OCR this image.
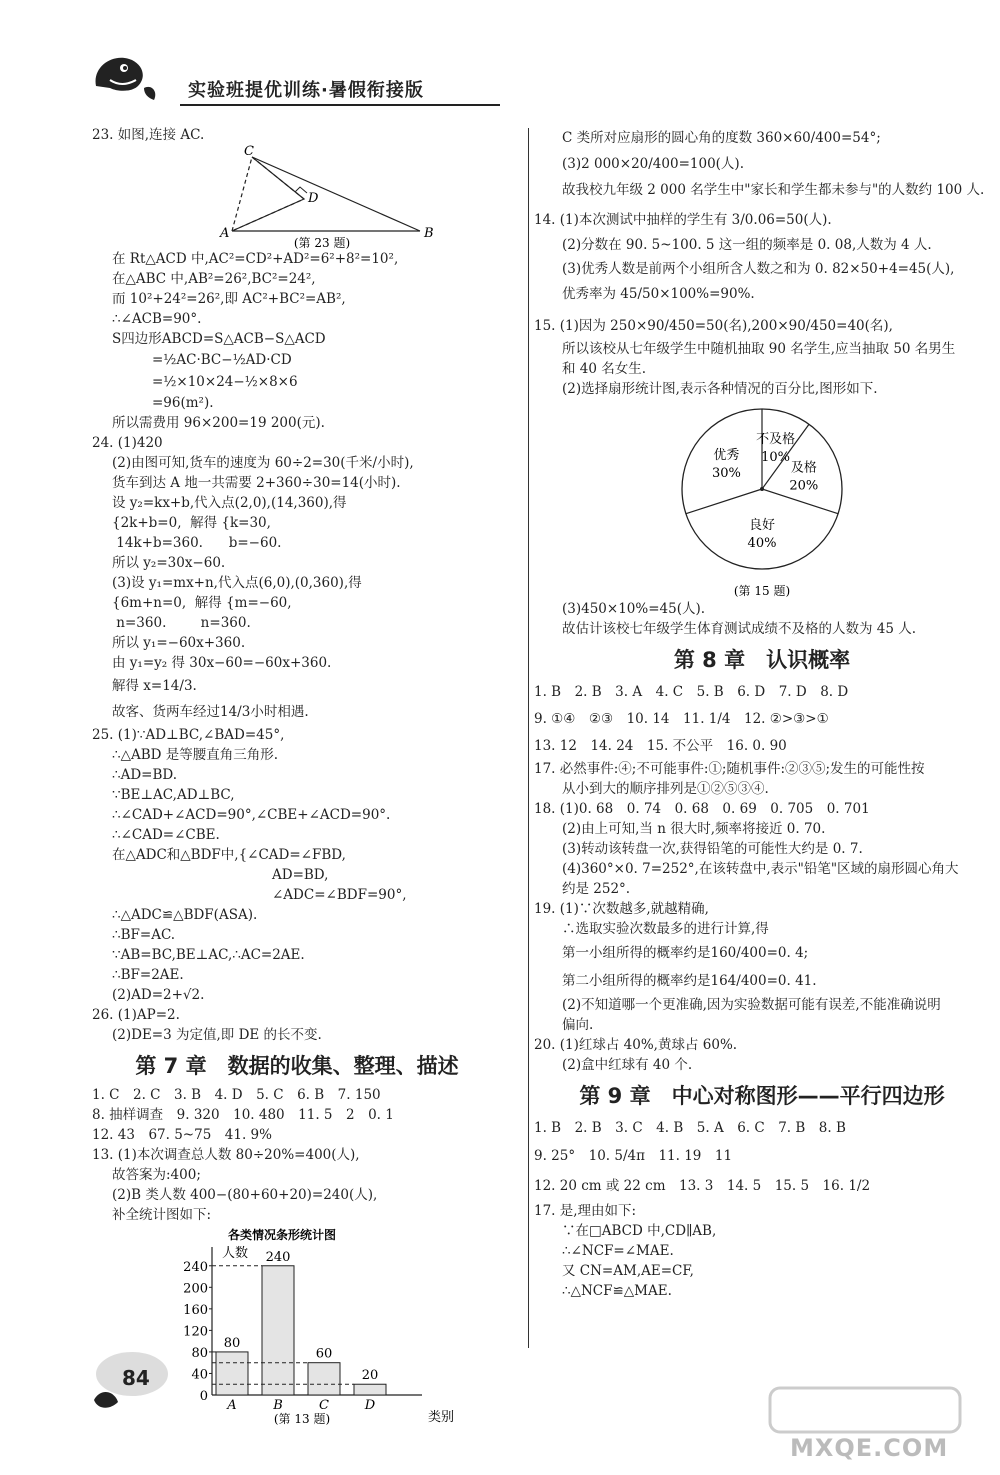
实验班提优训练·暑假衔接版
23. 如图,连接 AC.
C
D
A	B
(第 23 题)
在 Rt△ACD 中,AC²=CD²+AD²=6²+8²=10²,
在△ABC 中,AB²=26²,BC²=24²,
而 10²+24²=26²,即 AC²+BC²=AB²,
∴∠ACB=90°.
S四边形ABCD=S△ACB−S△ACD
=½AC·BC−½AD·CD
=½×10×24−½×8×6
=96(m²).
所以需费用 96×200=19 200(元).
24. (1)420
(2)由图可知,货车的速度为 60÷2=30(千米/小时),
货车到达 A 地一共需要 2+360÷30=14(小时).
设 y₂=kx+b,代入点(2,0),(14,360),得
{2k+b=0,  解得 {k=30,
14k+b=360.      b=−60.
所以 y₂=30x−60.
(3)设 y₁=mx+n,代入点(6,0),(0,360),得
{6m+n=0,  解得 {m=−60,
n=360.        n=360.
所以 y₁=−60x+360.
由 y₁=y₂ 得 30x−60=−60x+360.
解得 x=14/3.
故客、货两车经过14/3小时相遇.
25. (1)∵AD⊥BC,∠BAD=45°,
∴△ABD 是等腰直角三角形.
∴AD=BD.
∵BE⊥AC,AD⊥BC,
∴∠CAD+∠ACD=90°,∠CBE+∠ACD=90°.
∴∠CAD=∠CBE.
在△ADC和△BDF中,{∠CAD=∠FBD,
AD=BD,
∠ADC=∠BDF=90°,
∴△ADC≌△BDF(ASA).
∴BF=AC.
∵AB=BC,BE⊥AC,∴AC=2AE.
∴BF=2AE.
(2)AD=2+√2.
26. (1)AP=2.
(2)DE=3 为定值,即 DE 的长不变.
第 7 章　数据的收集、整理、描述
1. C　2. C　3. B　4. D　5. C　6. B　7. 150
8. 抽样调查　9. 320　10. 480　11. 5　2　0. 1
12. 43　67. 5~75　41. 9%
13. (1)本次调查总人数 80÷20%=400(人),
故答案为:400;
(2)B 类人数 400−(80+60+20)=240(人),
补全统计图如下:
各类情况条形统计图
人数
类别
0
40
80
120
160
200
240
80
A
240
B
60
C
20
D
(第 13 题)
C 类所对应扇形的圆心角的度数 360×60/400=54°;
(3)2 000×20/400=100(人).
故我校九年级 2 000 名学生中"家长和学生都未参与"的人数约 100 人.
14. (1)本次测试中抽样的学生有 3/0.06=50(人).
(2)分数在 90. 5~100. 5 这一组的频率是 0. 08,人数为 4 人.
(3)优秀人数是前两个小组所含人数之和为 0. 82×50+4=45(人),
优秀率为 45/50×100%=90%.
15. (1)因为 250×90/450=50(名),200×90/450=40(名),
所以该校从七年级学生中随机抽取 90 名学生,应当抽取 50 名男生
和 40 名女生.
(2)选择扇形统计图,表示各种情况的百分比,图形如下.
不及格
10%
及格
20%
良好
40%
优秀
30%
(第 15 题)
(3)450×10%=45(人).
故估计该校七年级学生体育测试成绩不及格的人数为 45 人.
第 8 章　认识概率
1. B　2. B　3. A　4. C　5. B　6. D　7. D　8. D
9. ①④　②③　10. 14　11. 1/4　12. ②>③>①
13. 12　14. 24　15. 不公平　16. 0. 90
17. 必然事件:④;不可能事件:①;随机事件:②③⑤;发生的可能性按
从小到大的顺序排列是①②⑤③④.
18. (1)0. 68　0. 74　0. 68　0. 69　0. 705　0. 701
(2)由上可知,当 n 很大时,频率将接近 0. 70.
(3)转动该转盘一次,获得铅笔的可能性大约是 0. 7.
(4)360°×0. 7=252°,在该转盘中,表示"铅笔"区域的扇形圆心角大
约是 252°.
19. (1)∵次数越多,就越精确,
∴选取实验次数最多的进行计算,得
第一小组所得的概率约是160/400=0. 4;
第二小组所得的概率约是164/400=0. 41.
(2)不知道哪一个更准确,因为实验数据可能有误差,不能准确说明
偏向.
20. (1)红球占 40%,黄球占 60%.
(2)盒中红球有 40 个.
第 9 章　中心对称图形——平行四边形
1. B　2. B　3. C　4. B　5. A　6. C　7. B　8. B
9. 25°　10. 5/4π　11. 19　11
12. 20 cm 或 22 cm　13. 3　14. 5　15. 5　16. 1/2
17. 是,理由如下:
∵在□ABCD 中,CD∥AB,
∴∠NCF=∠MAE.
又 CN=AM,AE=CF,
∴△NCF≌△MAE.
84
MXQE.COM
